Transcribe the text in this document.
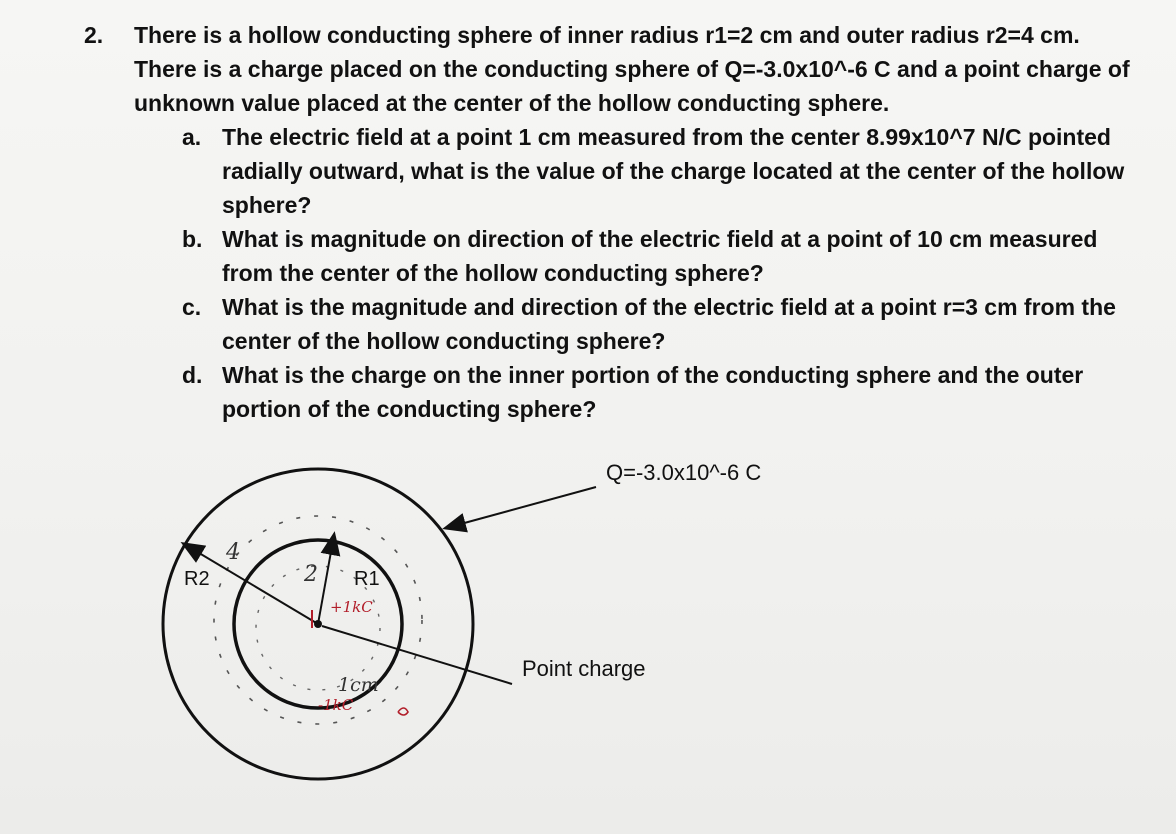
2. There is a hollow conducting sphere of inner radius r1=2 cm and outer radius r2=4 cm.
There is a charge placed on the conducting sphere of Q=-3.0x10^-6 C and a point charge of
unknown value placed at the center of the hollow conducting sphere.
a. The electric field at a point 1 cm measured from the center 8.99x10^7 N/C pointed
radially outward, what is the value of the charge located at the center of the hollow
sphere?
b. What is magnitude on direction of the electric field at a point of 10 cm measured
from the center of the hollow conducting sphere?
c. What is the magnitude and direction of the electric field at a point r=3 cm from the
center of the hollow conducting sphere?
d. What is the charge on the inner portion of the conducting sphere and the outer
portion of the conducting sphere?
Q=-3.0x10^-6 C
Point charge
R2	R1
4
2
+1kC
1cm
-1kC
